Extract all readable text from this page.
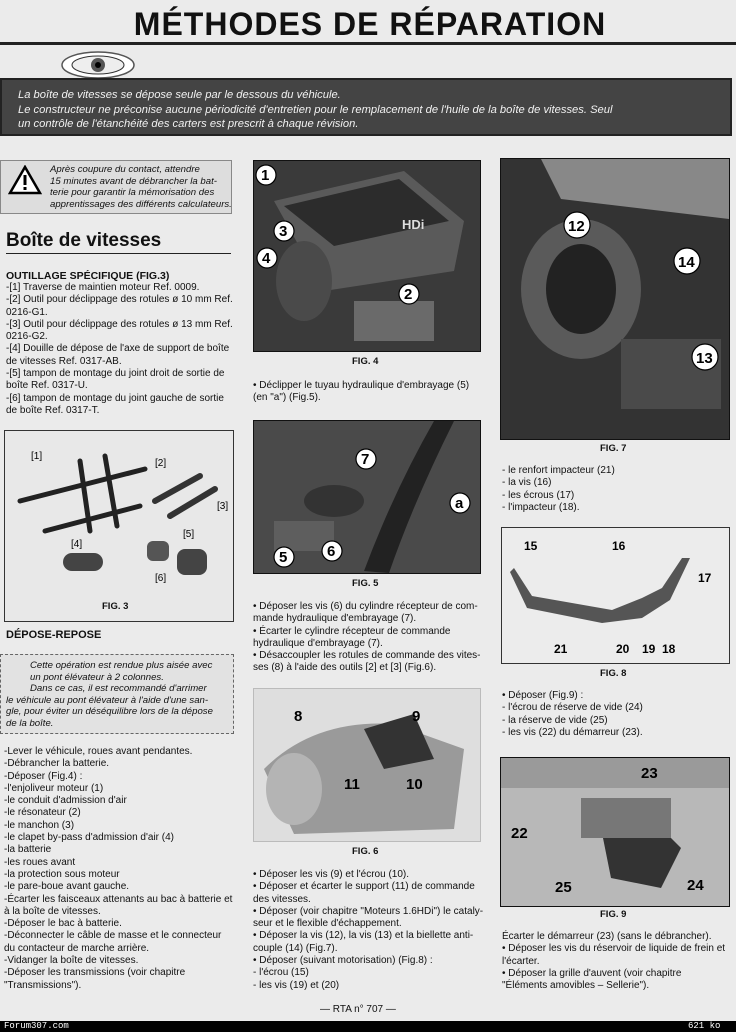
MÉTHODES DE RÉPARATION
La boîte de vitesses se dépose seule par le dessous du véhicule.
Le constructeur ne préconise aucune périodicité d'entretien pour le remplacement de l'huile de la boîte de vitesses. Seul
un contrôle de l'étanchéité des carters est prescrit à chaque révision.
Après coupure du contact, attendre
15 minutes avant de débrancher la bat-
terie pour garantir la mémorisation des
apprentissages des différents calculateurs.
Boîte de vitesses
OUTILLAGE SPÉCIFIQUE (FIG.3)
-[1] Traverse de maintien moteur Ref. 0009.
-[2] Outil pour déclippage des rotules ø 10 mm Ref.
0216-G1.
-[3] Outil pour déclippage des rotules ø 13 mm Ref.
0216-G2.
-[4] Douille de dépose de l'axe de support de boîte
de vitesses Ref. 0317-AB.
-[5] tampon de montage du joint droit de sortie de
boîte Ref. 0317-U.
-[6] tampon de montage du joint gauche de sortie
de boîte Ref. 0317-T.
[1]
[2]
[3]
[4]
[5]
[6]
FIG. 3
DÉPOSE-REPOSE
Cette opération est rendue plus aisée avec
un pont élévateur à 2 colonnes.
Dans ce cas, il est recommandé d'arrimer
le véhicule au pont élévateur à l'aide d'une san-
gle, pour éviter un déséquilibre lors de la dépose
de la boîte.
-Lever le véhicule, roues avant pendantes.
-Débrancher la batterie.
-Déposer (Fig.4) :
-l'enjoliveur moteur (1)
-le conduit d'admission d'air
-le résonateur (2)
-le manchon (3)
-le clapet by-pass d'admission d'air (4)
-la batterie
-les roues avant
-la protection sous moteur
-le pare-boue avant gauche.
-Écarter les faisceaux attenants au bac à batterie et
à la boîte de vitesses.
-Déposer le bac à batterie.
-Déconnecter le câble de masse et le connecteur
du contacteur de marche arrière.
-Vidanger la boîte de vitesses.
-Déposer les transmissions (voir chapitre
"Transmissions").
HDi
1
2
3
4
FIG. 4
• Déclipper le tuyau hydraulique d'embrayage (5)
(en "a") (Fig.5).
7
a
5	6
FIG. 5
• Déposer les vis (6) du cylindre récepteur de com-
mande hydraulique d'embrayage (7).
• Écarter le cylindre récepteur de commande
hydraulique d'embrayage (7).
• Désaccoupler les rotules de commande des vites-
ses (8) à l'aide des outils [2] et [3] (Fig.6).
8	9
11	10
FIG. 6
• Déposer les vis (9) et l'écrou (10).
• Déposer et écarter le support (11) de commande
des vitesses.
• Déposer (voir chapitre "Moteurs 1.6HDi") le cataly-
seur et le flexible d'échappement.
• Déposer la vis (12), la vis (13) et la biellette anti-
couple (14) (Fig.7).
• Déposer (suivant motorisation) (Fig.8) :
- l'écrou (15)
- les vis (19) et (20)
12
14
13
FIG. 7
- le renfort impacteur (21)
- la vis (16)
- les écrous (17)
- l'impacteur (18).
15	16
17
21	20 19 18
FIG. 8
• Déposer (Fig.9) :
- l'écrou de réserve de vide (24)
- la réserve de vide (25)
- les vis (22) du démarreur (23).
23
22
25	24
FIG. 9
Écarter le démarreur (23) (sans le débrancher).
• Déposer les vis du réservoir de liquide de frein et
l'écarter.
• Déposer la grille d'auvent (voir chapitre
"Éléments amovibles – Sellerie").
— RTA n° 707 —
Forum307.com	621 ko
